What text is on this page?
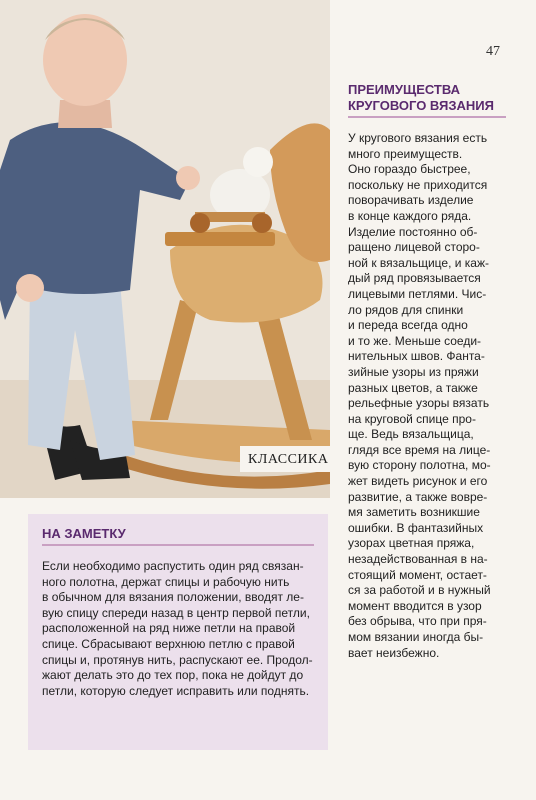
КЛАССИКА
47
ПРЕИМУЩЕСТВА
КРУГОВОГО ВЯЗАНИЯ
У кругового вязания есть
много преимуществ.
Оно гораздо быстрее,
поскольку не приходится
поворачивать изделие
в конце каждого ряда.
Изделие постоянно об-
ращено лицевой сторо-
ной к вязальщице, и каж-
дый ряд провязывается
лицевыми петлями. Чис-
ло рядов для спинки
и переда всегда одно
и то же. Меньше соеди-
нительных швов. Фанта-
зийные узоры из пряжи
разных цветов, а также
рельефные узоры вязать
на круговой спице про-
ще. Ведь вязальщица,
глядя все время на лице-
вую сторону полотна, мо-
жет видеть рисунок и его
развитие, а также вовре-
мя заметить возникшие
ошибки. В фантазийных
узорах цветная пряжа,
незадействованная в на-
стоящий момент, остает-
ся за работой и в нужный
момент вводится в узор
без обрыва, что при пря-
мом вязании иногда бы-
вает неизбежно.
НА ЗАМЕТКУ
Если необходимо распустить один ряд связан-
ного полотна, держат спицы и рабочую нить
в обычном для вязания положении, вводят ле-
вую спицу спереди назад в центр первой петли,
расположенной на ряд ниже петли на правой
спице. Сбрасывают верхнюю петлю с правой
спицы и, протянув нить, распускают ее. Продол-
жают делать это до тех пор, пока не дойдут до
петли, которую следует исправить или поднять.
